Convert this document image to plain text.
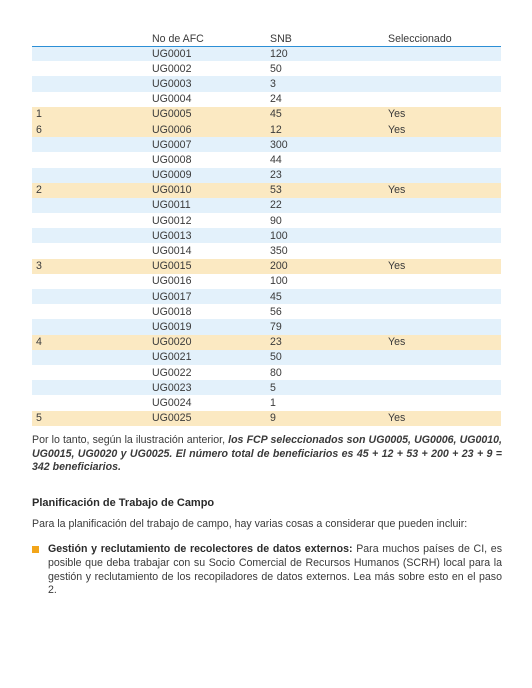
	No de AFC	SNB	Seleccionado
	UG0001	120	
	UG0002	50	
	UG0003	3	
	UG0004	24	
1	UG0005	45	Yes
6	UG0006	12	Yes
	UG0007	300	
	UG0008	44	
	UG0009	23	
2	UG0010	53	Yes
	UG0011	22	
	UG0012	90	
	UG0013	100	
	UG0014	350	
3	UG0015	200	Yes
	UG0016	100	
	UG0017	45	
	UG0018	56	
	UG0019	79	
4	UG0020	23	Yes
	UG0021	50	
	UG0022	80	
	UG0023	5	
	UG0024	1	
5	UG0025	9	Yes

Por lo tanto, según la ilustración anterior, los FCP seleccionados son UG0005, UG0006, UG0010, UG0015, UG0020 y UG0025. El número total de beneficiarios es 45 + 12 + 53 + 200 + 23 + 9 = 342 beneficiarios.

Planificación de Trabajo de Campo

Para la planificación del trabajo de campo, hay varias cosas a considerar que pueden incluir:

Gestión y reclutamiento de recolectores de datos externos: Para muchos países de CI, es posible que deba trabajar con su Socio Comercial de Recursos Humanos (SCRH) local para la gestión y reclutamiento de los recopiladores de datos externos. Lea más sobre esto en el paso 2.
